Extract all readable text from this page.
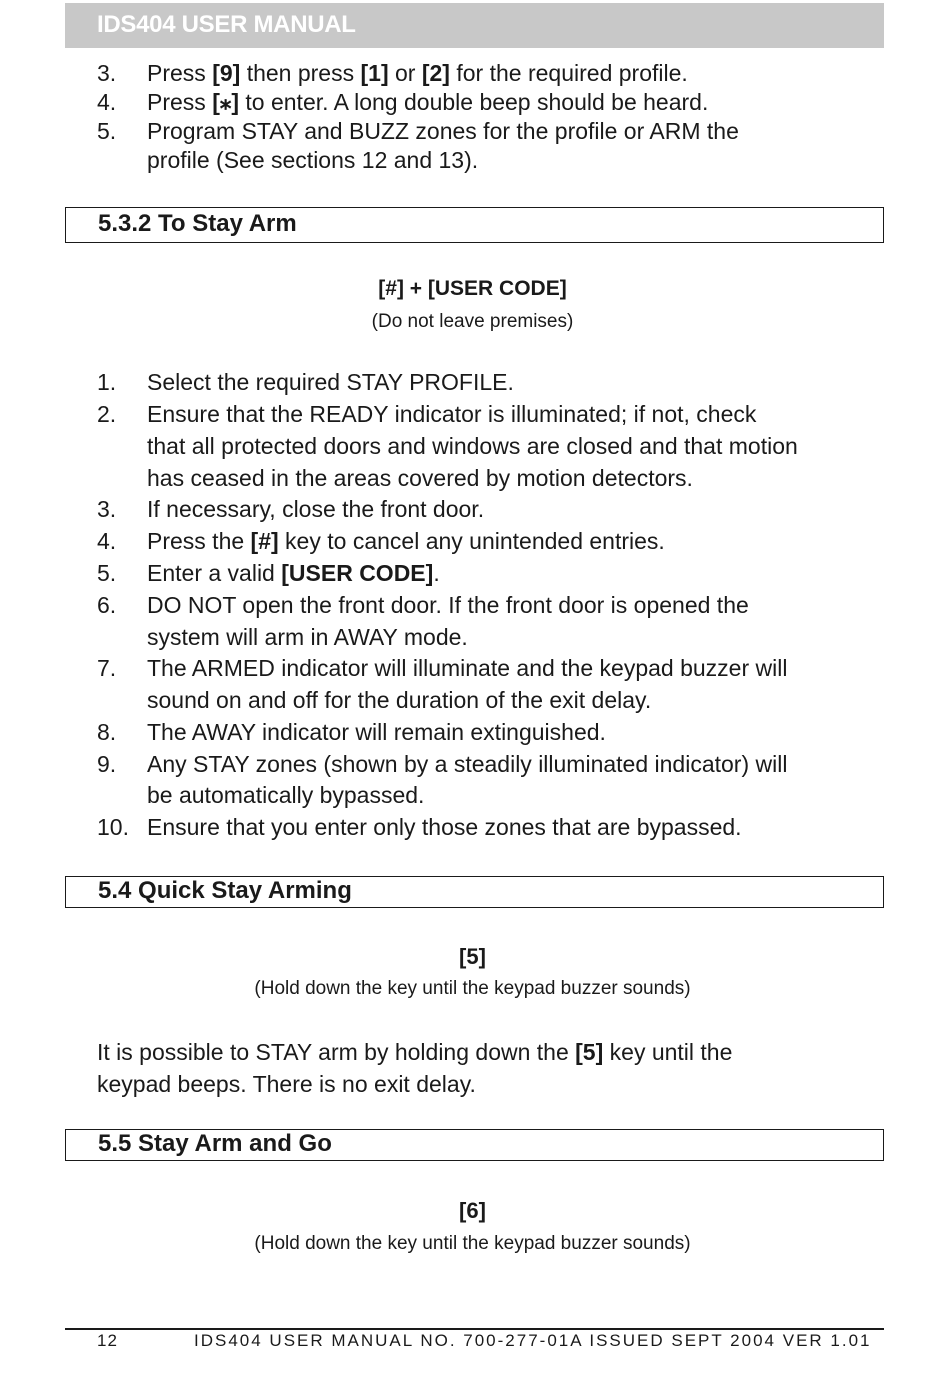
IDS404 USER MANUAL
3. Press [9] then press [1] or [2] for the required profile.
4. Press [⁎] to enter. A long double beep should be heard.
5. Program STAY and BUZZ zones for the profile or ARM the
profile (See sections 12 and 13).
5.3.2 To Stay Arm
[#] + [USER CODE]
(Do not leave premises)
1. Select the required STAY PROFILE.
2. Ensure that the READY indicator is illuminated; if not, check
that all protected doors and windows are closed and that motion
has ceased in the areas covered by motion detectors.
3. If necessary, close the front door.
4. Press the [#] key to cancel any unintended entries.
5. Enter a valid [USER CODE].
6. DO NOT open the front door. If the front door is opened the
system will arm in AWAY mode.
7. The ARMED indicator will illuminate and the keypad buzzer will
sound on and off for the duration of the exit delay.
8. The AWAY indicator will remain extinguished.
9. Any STAY zones (shown by a steadily illuminated indicator) will
be automatically bypassed.
10. Ensure that you enter only those zones that are bypassed.
5.4 Quick Stay Arming
[5]
(Hold down the key until the keypad buzzer sounds)
It is possible to STAY arm by holding down the [5] key until the
keypad beeps. There is no exit delay.
5.5 Stay Arm and Go
[6]
(Hold down the key until the keypad buzzer sounds)
12	IDS404 USER MANUAL NO. 700-277-01A ISSUED SEPT 2004 VER 1.01
